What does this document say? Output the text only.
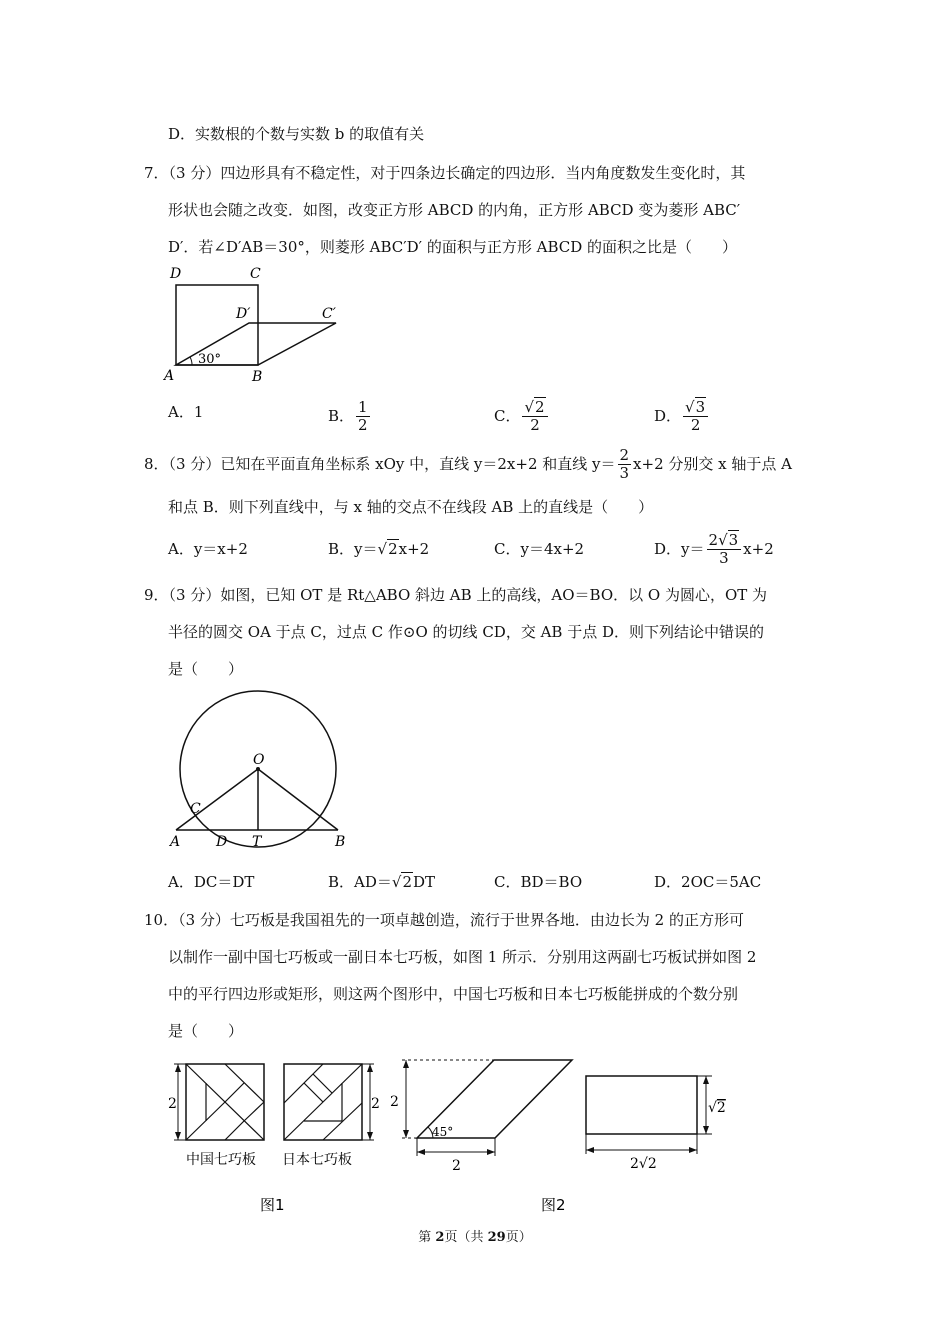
D．实数根的个数与实数 b 的取值有关
7．（3 分）四边形具有不稳定性，对于四条边长确定的四边形．当内角度数发生变化时，其
形状也会随之改变．如图，改变正方形 ABCD 的内角，正方形 ABCD 变为菱形 ABC′
D′．若∠D′AB＝30°，则菱形 ABC′D′ 的面积与正方形 ABCD 的面积之比是（　　）
D	C
D′	C′
A	B
30°
A．1	B． $\frac{1}{2}$	C． $\frac{√2}{2}$	D． $\frac{√3}{2}$
8．（3 分）已知在平面直角坐标系 xOy 中，直线 y＝2x+2 和直线 $y= \frac{2}{3} x+2$ 分别交 x 轴于点 A
和点 B．则下列直线中，与 x 轴的交点不在线段 AB 上的直线是（　　）
A．y＝x+2	B．y＝√2x+2	C．y＝4x+2	D．$y= \frac{2√3}{3} x+2$
9．（3 分）如图，已知 OT 是 Rt△ABO 斜边 AB 上的高线，AO＝BO．以 O 为圆心，OT 为
半径的圆交 OA 于点 C，过点 C 作⊙O 的切线 CD，交 AB 于点 D．则下列结论中错误的
是（　　）
O
C
A	D T	B
A．DC＝DT	B．AD＝√2DT	C．BD＝BO	D．2OC＝5AC
10．（3 分）七巧板是我国祖先的一项卓越创造，流行于世界各地．由边长为 2 的正方形可
以制作一副中国七巧板或一副日本七巧板，如图 1 所示．分别用这两副七巧板试拼如图 2
中的平行四边形或矩形，则这两个图形中，中国七巧板和日本七巧板能拼成的个数分别
是（　　）
2
中国七巧板
2
日本七巧板
2
45°
2
√2
2√2
图1	图2
第 2页（共 29页）
